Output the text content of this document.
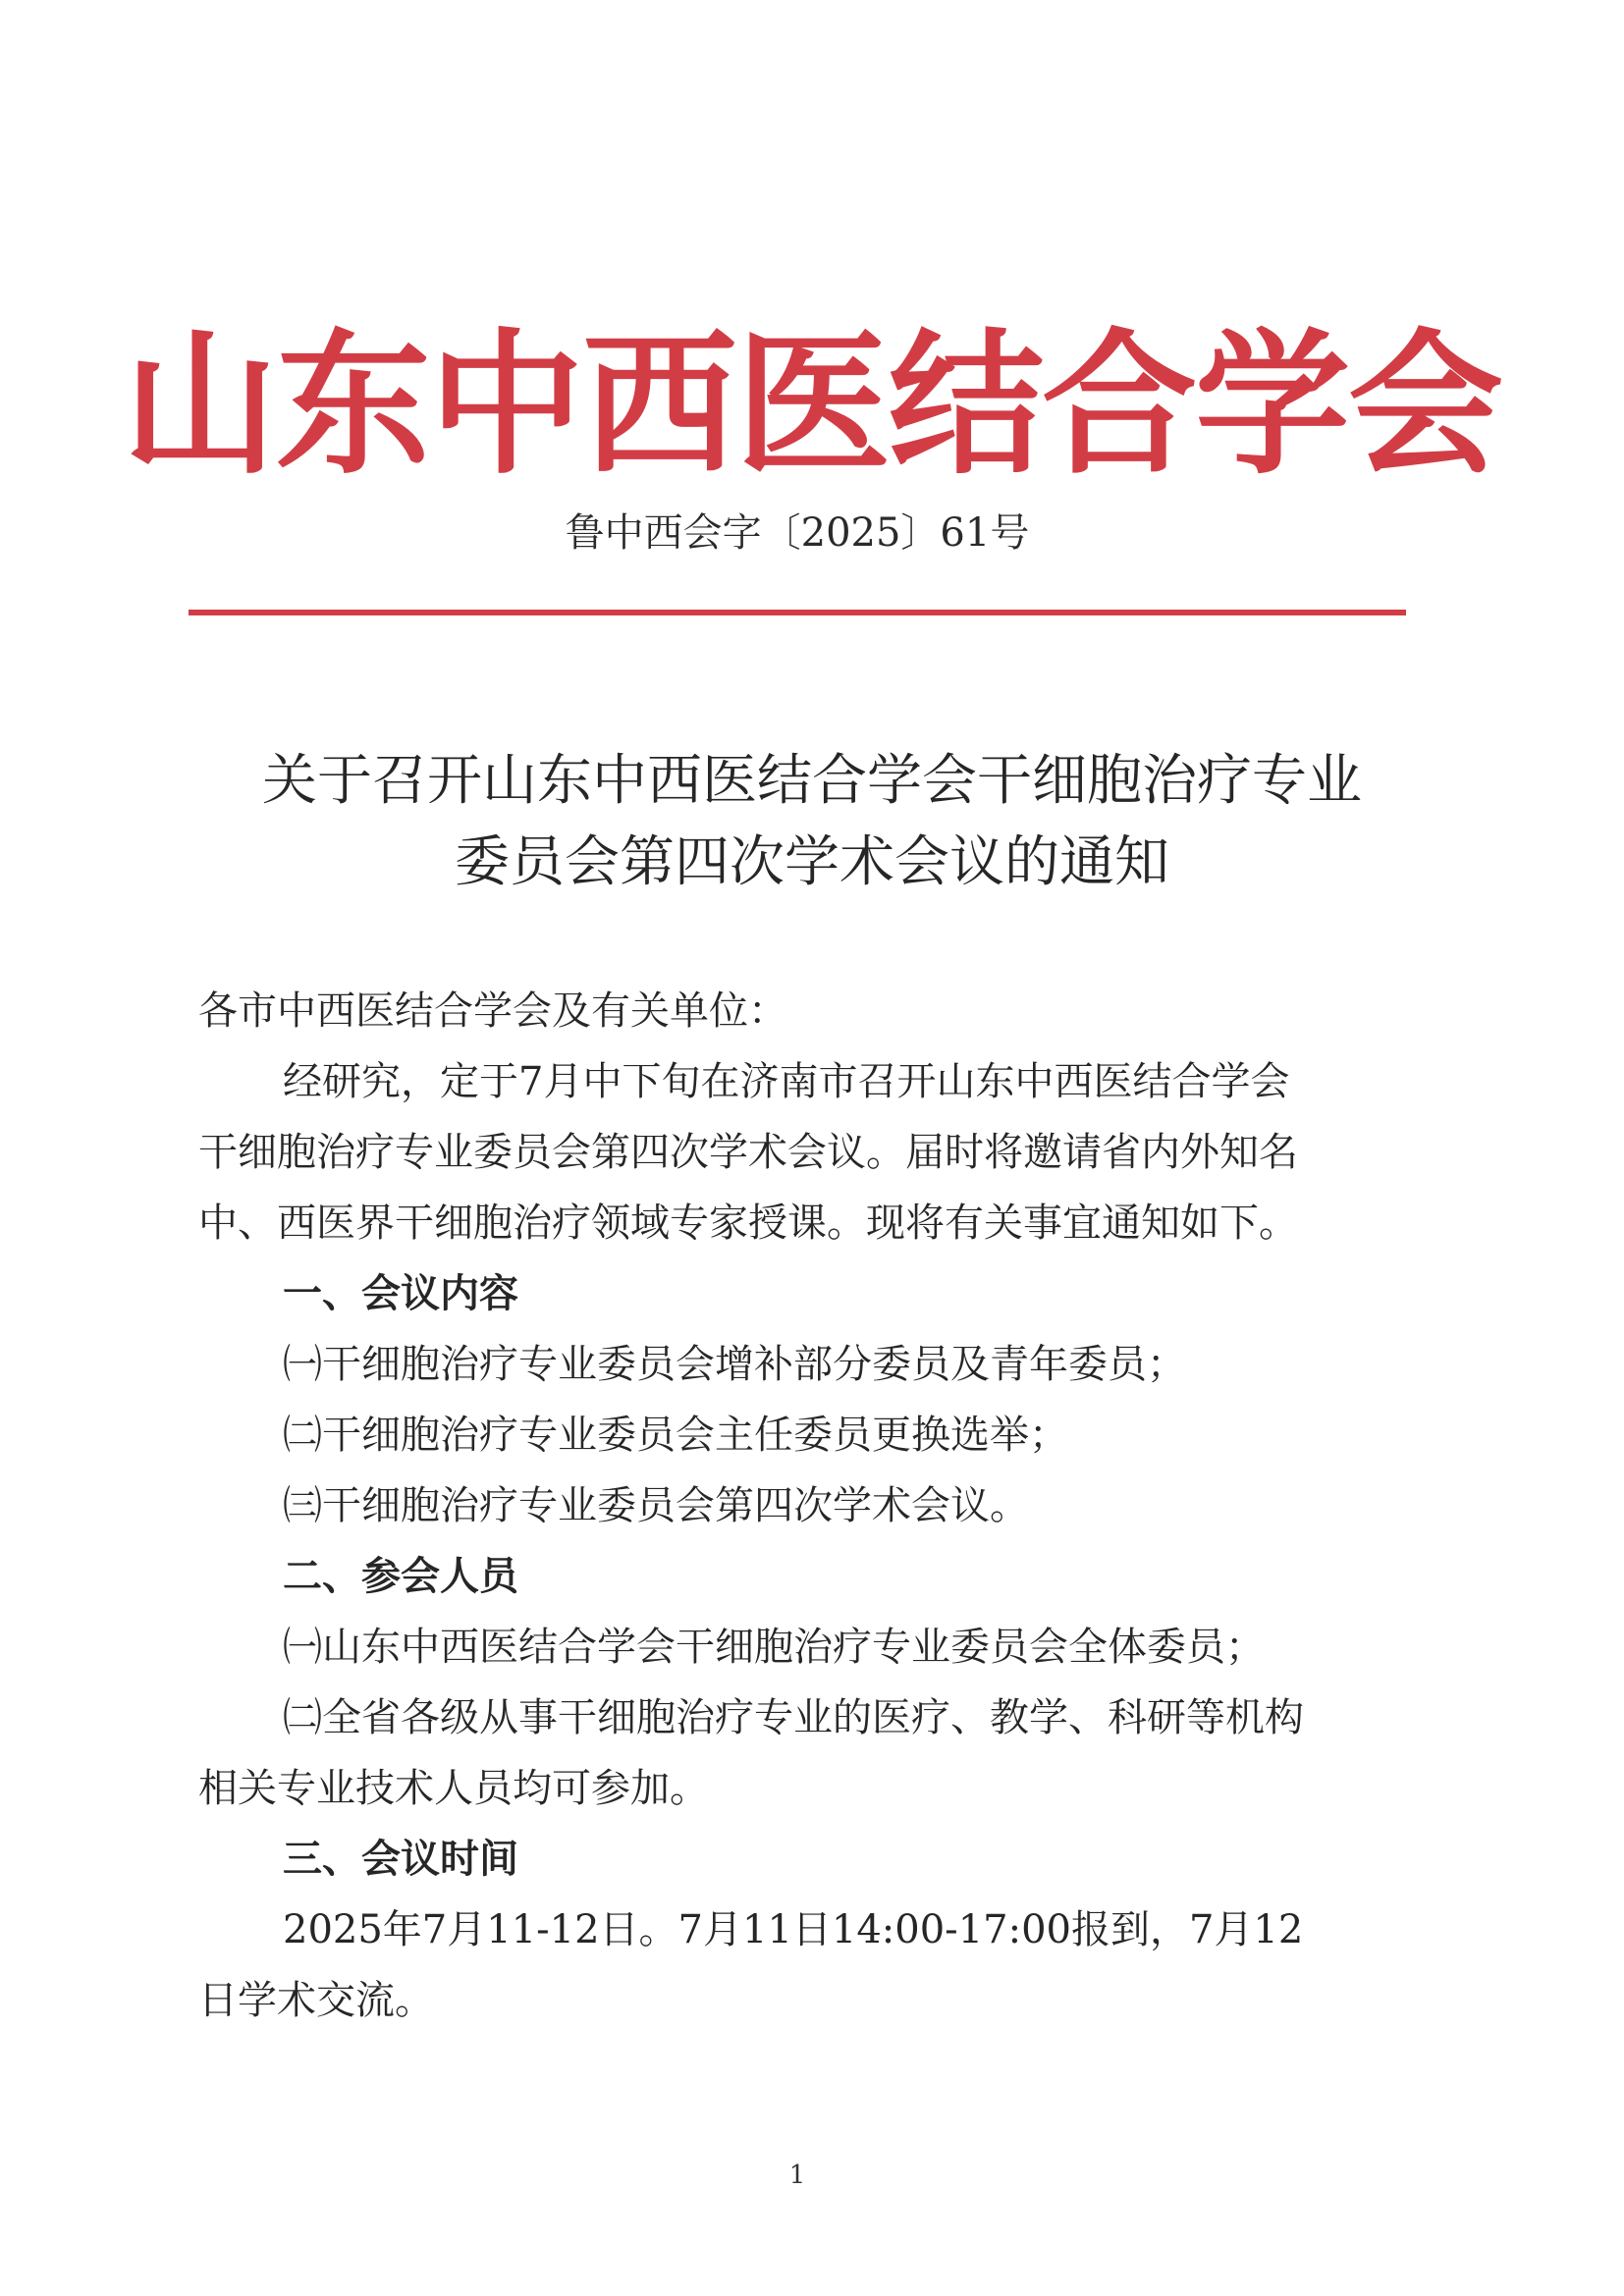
山东中西医结合学会
鲁中西会字〔2025〕61号
关于召开山东中西医结合学会干细胞治疗专业
委员会第四次学术会议的通知
各市中西医结合学会及有关单位：
经研究，定于7月中下旬在济南市召开山东中西医结合学会
干细胞治疗专业委员会第四次学术会议。届时将邀请省内外知名
中、西医界干细胞治疗领域专家授课。现将有关事宜通知如下。
一、会议内容
㈠干细胞治疗专业委员会增补部分委员及青年委员；
㈡干细胞治疗专业委员会主任委员更换选举；
㈢干细胞治疗专业委员会第四次学术会议。
二、参会人员
㈠山东中西医结合学会干细胞治疗专业委员会全体委员；
㈡全省各级从事干细胞治疗专业的医疗、教学、科研等机构
相关专业技术人员均可参加。
三、会议时间
2025年7月11-12日。7月11日14:00-17:00报到，7月12
日学术交流。
1
